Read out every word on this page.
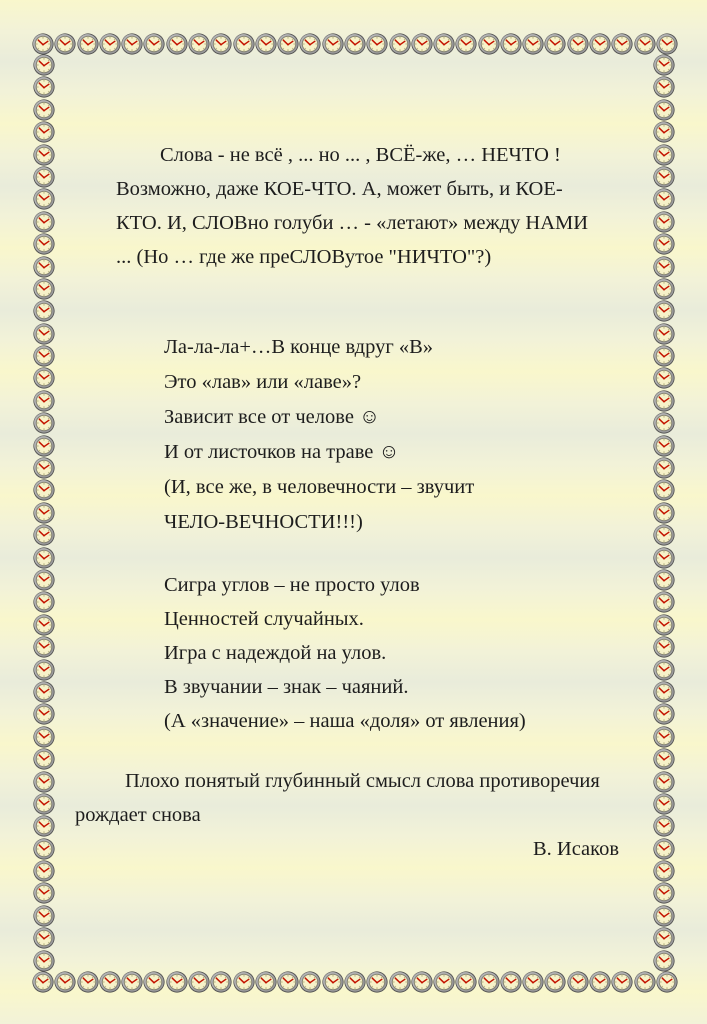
Слова - не всё , ... но ... , ВСЁ-же, … НЕЧТО !
Возможно, даже КОЕ-ЧТО. А, может быть, и КОЕ-
КТО. И, СЛОВно голуби … - «летают» между НАМИ
... (Но … где же преСЛОВутое "НИЧТО"?)
Ла-ла-ла+…В конце вдруг «В»
Это «лав» или «лаве»?
Зависит все от челове ☺
И от листочков на траве ☺
(И, все же, в человечности – звучит
ЧЕЛО-ВЕЧНОСТИ!!!)
Сигра углов – не просто улов
Ценностей случайных.
Игра с надеждой на улов.
В звучании – знак – чаяний.
(А «значение» – наша «доля» от явления)
Плохо понятый глубинный смысл слова противоречия
рождает снова
В. Исаков
